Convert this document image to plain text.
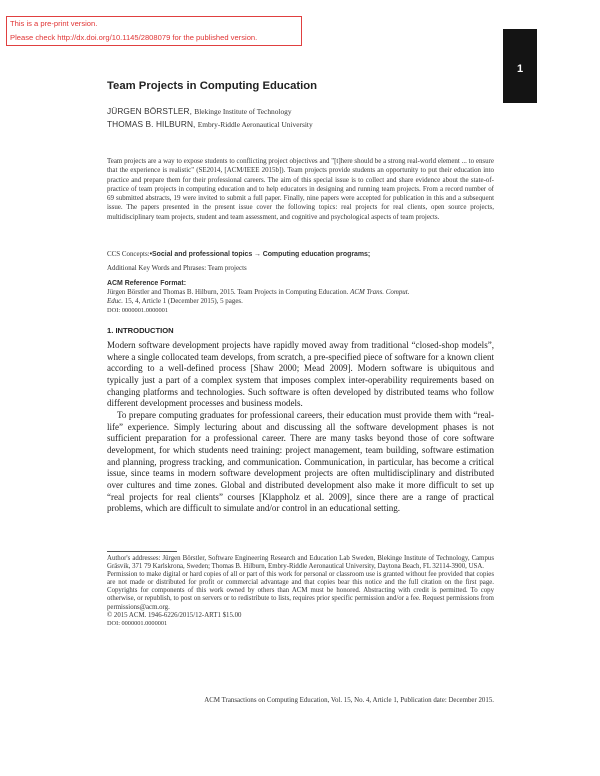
This is a pre-print version.
Please check http://dx.doi.org/10.1145/2808079 for the published version.
1
Team Projects in Computing Education
JÜRGEN BÖRSTLER, Blekinge Institute of Technology
THOMAS B. HILBURN, Embry-Riddle Aeronautical University
Team projects are a way to expose students to conflicting project objectives and "[t]here should be a strong real-world element ... to ensure that the experience is realistic" (SE2014, [ACM/IEEE 2015b]). Team projects provide students an opportunity to put their education into practice and prepare them for their professional careers. The aim of this special issue is to collect and share evidence about the state-of-practice of team projects in computing education and to help educators in designing and running team projects. From a record number of 69 submitted abstracts, 19 were invited to submit a full paper. Finally, nine papers were accepted for publication in this and a subsequent issue. The papers presented in the present issue cover the following topics: real projects for real clients, open source projects, multidisciplinary team projects, student and team assessment, and cognitive and psychological aspects of team projects.
CCS Concepts:•Social and professional topics → Computing education programs;
Additional Key Words and Phrases: Team projects
ACM Reference Format:
Jürgen Börstler and Thomas B. Hilburn, 2015. Team Projects in Computing Education. ACM Trans. Comput.
Educ. 15, 4, Article 1 (December 2015), 5 pages.
DOI: 0000001.0000001
1. INTRODUCTION

Modern software development projects have rapidly moved away from traditional “closed-shop models”, where a single collocated team develops, from scratch, a pre-specified piece of software for a known client according to a well-defined process [Shaw 2000; Mead 2009]. Modern software is ubiquitous and typically just a part of a complex system that imposes complex inter-operability requirements based on changing platforms and technologies. Such software is often developed by distributed teams who follow different development processes and business models.

To prepare computing graduates for professional careers, their education must provide them with “real-life” experience. Simply lecturing about and discussing all the software development phases is not sufficient preparation for a professional career. There are many tasks beyond those of core software development, for which students need training: project management, team building, software estimation and planning, progress tracking, and communication. Communication, in particular, has become a critical issue, since teams in modern software development projects are often multidisciplinary and distributed over cultures and time zones. Global and distributed development also make it more difficult to set up “real projects for real clients” courses [Klappholz et al. 2009], since there are a range of practical problems, which are difficult to simulate and/or control in an educational setting.

Author's addresses: Jürgen Börstler, Software Engineering Research and Education Lab Sweden, Blekinge Institute of Technology, Campus Gräsvik, 371 79 Karlskrona, Sweden; Thomas B. Hilburn, Embry-Riddle Aeronautical University, Daytona Beach, FL 32114-3900, USA.

Permission to make digital or hard copies of all or part of this work for personal or classroom use is granted without fee provided that copies are not made or distributed for profit or commercial advantage and that copies bear this notice and the full citation on the first page. Copyrights for components of this work owned by others than ACM must be honored. Abstracting with credit is permitted. To copy otherwise, or republish, to post on servers or to redistribute to lists, requires prior specific permission and/or a fee. Request permissions from permissions@acm.org.

© 2015 ACM. 1946-6226/2015/12-ART1 $15.00

DOI: 0000001.0000001

ACM Transactions on Computing Education, Vol. 15, No. 4, Article 1, Publication date: December 2015.
